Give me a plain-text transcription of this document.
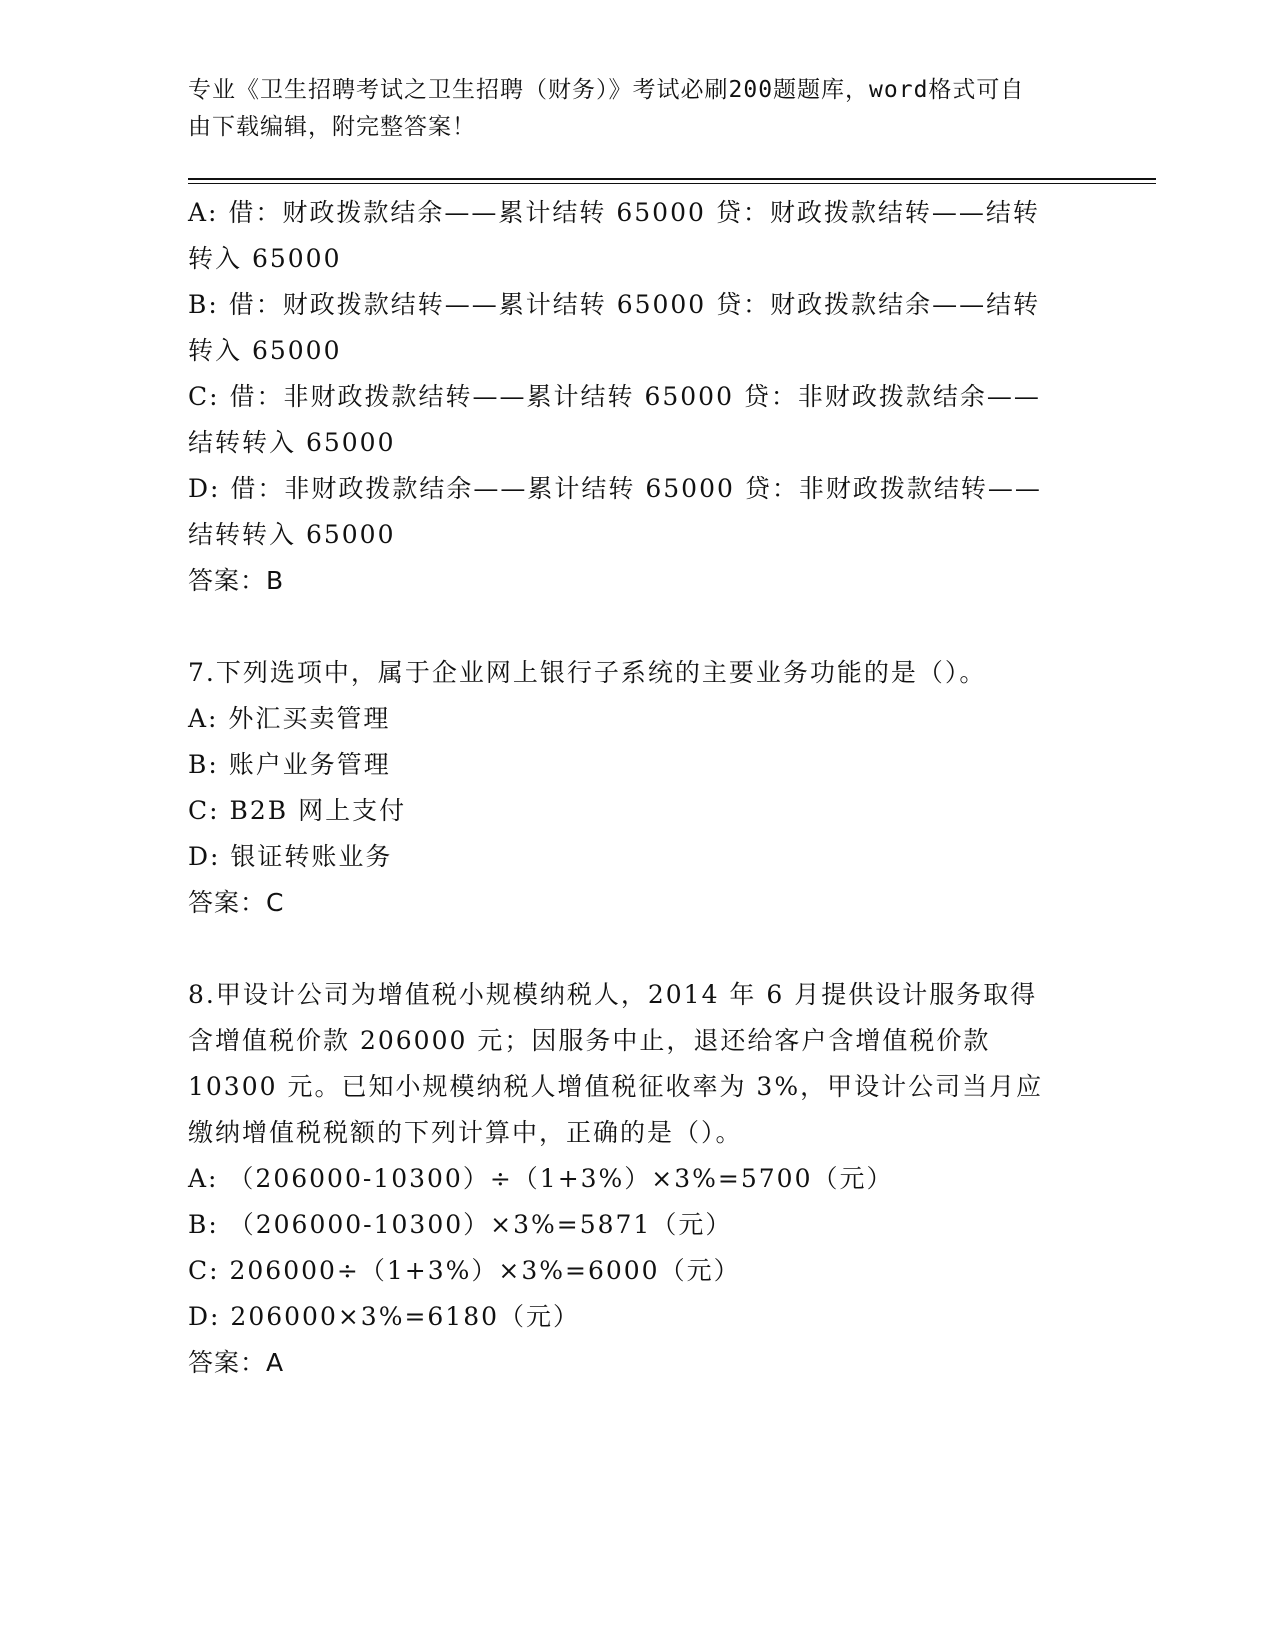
专业《卫生招聘考试之卫生招聘（财务）》考试必刷200题题库，word格式可自
由下载编辑，附完整答案！
A: 借：财政拨款结余——累计结转 65000 贷：财政拨款结转——结转
转入 65000
B: 借：财政拨款结转——累计结转 65000 贷：财政拨款结余——结转
转入 65000
C: 借：非财政拨款结转——累计结转 65000 贷：非财政拨款结余——
结转转入 65000
D: 借：非财政拨款结余——累计结转 65000 贷：非财政拨款结转——
结转转入 65000
答案：B
7.下列选项中，属于企业网上银行子系统的主要业务功能的是（）。
A: 外汇买卖管理
B: 账户业务管理
C: B2B 网上支付
D: 银证转账业务
答案：C
8.甲设计公司为增值税小规模纳税人，2014 年 6 月提供设计服务取得
含增值税价款 206000 元；因服务中止，退还给客户含增值税价款
10300 元。已知小规模纳税人增值税征收率为 3%，甲设计公司当月应
缴纳增值税税额的下列计算中，正确的是（）。
A: （206000-10300）÷（1+3%）×3%=5700（元）
B: （206000-10300）×3%=5871（元）
C: 206000÷（1+3%）×3%=6000（元）
D: 206000×3%=6180（元）
答案：A
